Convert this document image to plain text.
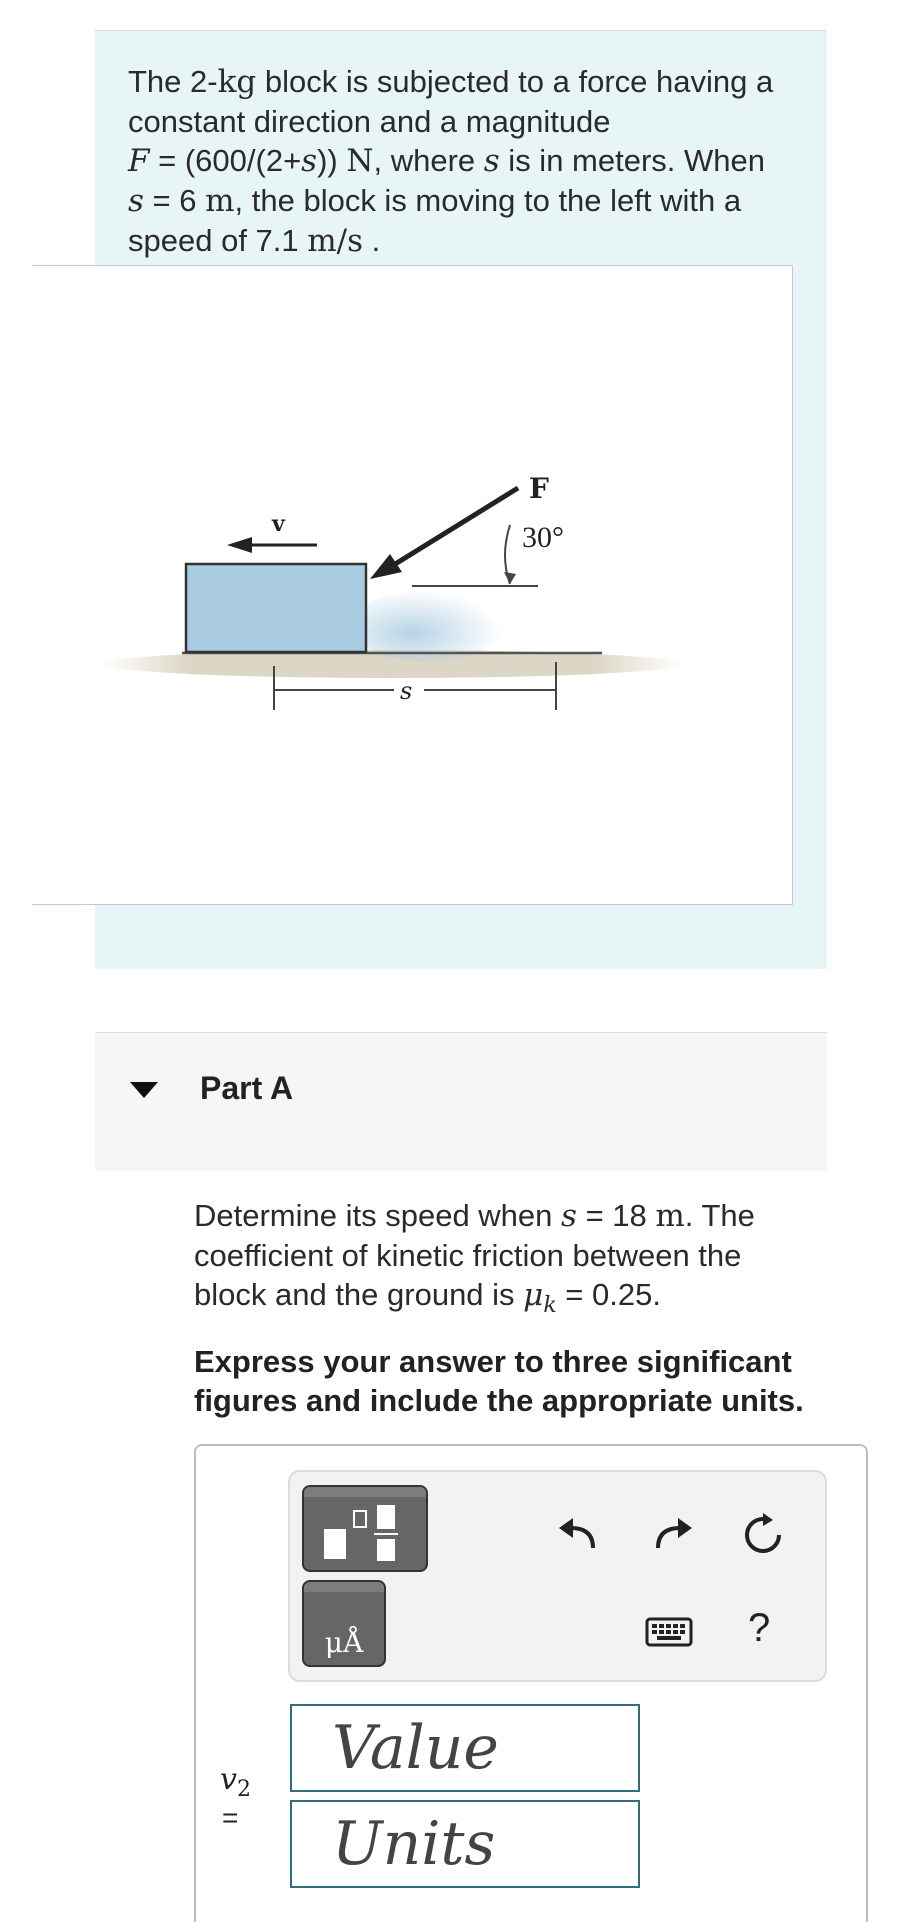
The 2-kg block is subjected to a force having a constant direction and a magnitude
F = (600/(2+s)) N, where s is in meters. When
s = 6 m, the block is moving to the left with a speed of 7.1 m/s .
v
F
30°
s
Part A
Determine its speed when s = 18 m. The coefficient of kinetic friction between the block and the ground is $\mu_k = 0.25$.
Express your answer to three significant figures and include the appropriate units.
μÅ	?
$v_2$
=
Value
Units
